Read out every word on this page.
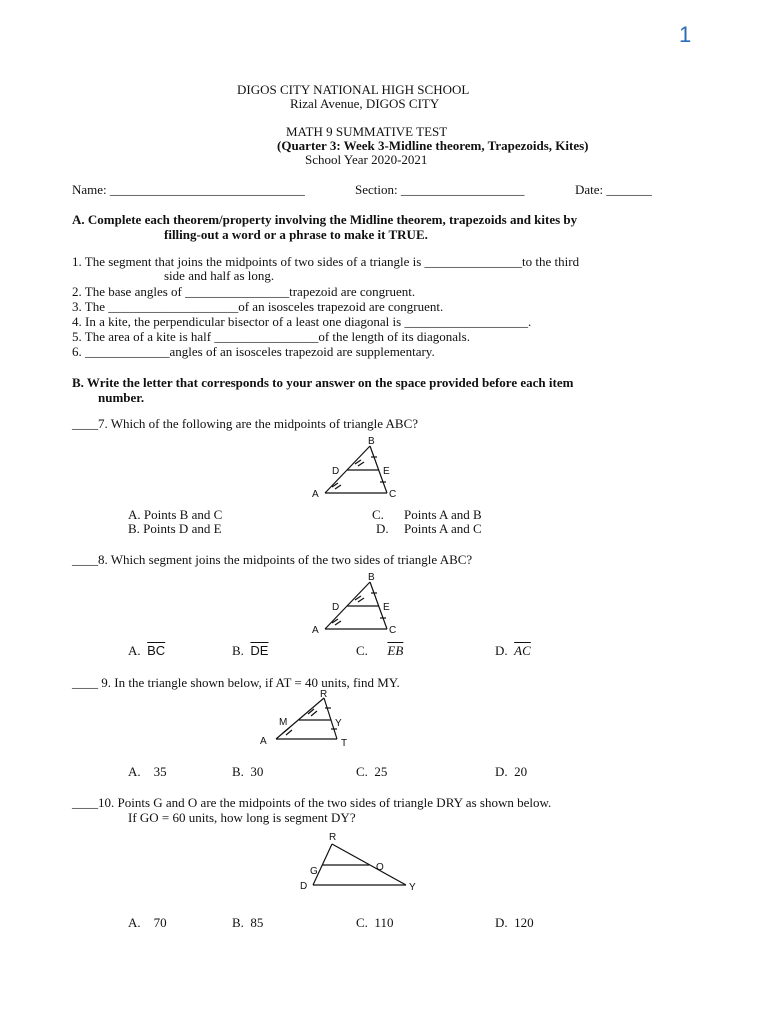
1
DIGOS CITY NATIONAL HIGH SCHOOL
Rizal Avenue, DIGOS CITY
MATH 9 SUMMATIVE TEST
(Quarter 3: Week 3-Midline theorem, Trapezoids, Kites)
School Year 2020-2021
Name: ______________________________	Section: ___________________	Date: _______
A. Complete each theorem/property involving the Midline theorem, trapezoids and kites by
filling-out a word or a phrase to make it TRUE.
1. The segment that joins the midpoints of two sides of a triangle is _______________to the third
side and half as long.
2. The base angles of ________________trapezoid are congruent.
3. The ____________________of an isosceles trapezoid are congruent.
4. In a kite, the perpendicular bisector of a least one diagonal is ___________________.
5. The area of a kite is half ________________of the length of its diagonals.
6. _____________angles of an isosceles trapezoid are supplementary.
B. Write the letter that corresponds to your answer on the space provided before each item
number.
____7. Which of the following are the midpoints of triangle ABC?
B
D	E
A	C
A. Points B and C
B. Points D and E
C. Points A and B
D. Points A and C
____8. Which segment joins the midpoints of the two sides of triangle ABC?
B
D	E
A	C
A. $\overline{BC}$	B. $\overline{DE}$	C. $\overline{EB}$	D. $\overline{AC}$
____ 9. In the triangle shown below, if AT = 40 units, find MY.
R
M	Y
A	T
A. 35	B. 30	C. 25	D. 20
____10. Points G and O are the midpoints of the two sides of triangle DRY as shown below.
If GO = 60 units, how long is segment DY?
R
G	O
D	Y
A. 70	B. 85	C. 110	D. 120
